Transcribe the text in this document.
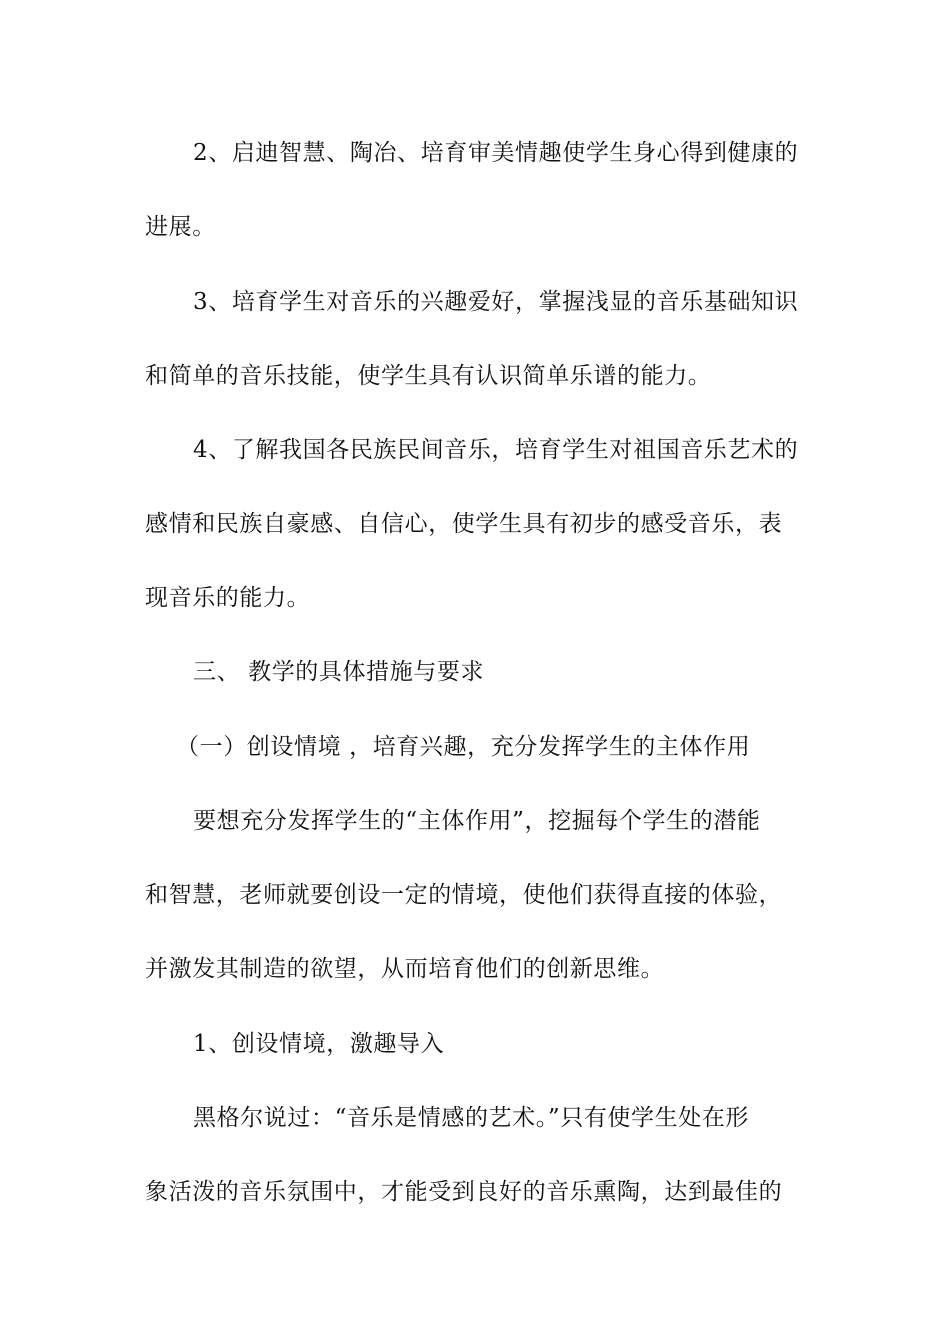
2、启迪智慧、陶冶、培育审美情趣使学生身心得到健康的
进展。
3、培育学生对音乐的兴趣爱好，掌握浅显的音乐基础知识
和简单的音乐技能，使学生具有认识简单乐谱的能力。
4、了解我国各民族民间音乐，培育学生对祖国音乐艺术的
感情和民族自豪感、自信心，使学生具有初步的感受音乐，表
现音乐的能力。
三、 教学的具体措施与要求
（一）创设情境 ，培育兴趣，充分发挥学生的主体作用
要想充分发挥学生的“主体作用”，挖掘每个学生的潜能
和智慧，老师就要创设一定的情境，使他们获得直接的体验，
并激发其制造的欲望，从而培育他们的创新思维。
1、创设情境，激趣导入
黑格尔说过：“音乐是情感的艺术。”只有使学生处在形
象活泼的音乐氛围中，才能受到良好的音乐熏陶，达到最佳的
